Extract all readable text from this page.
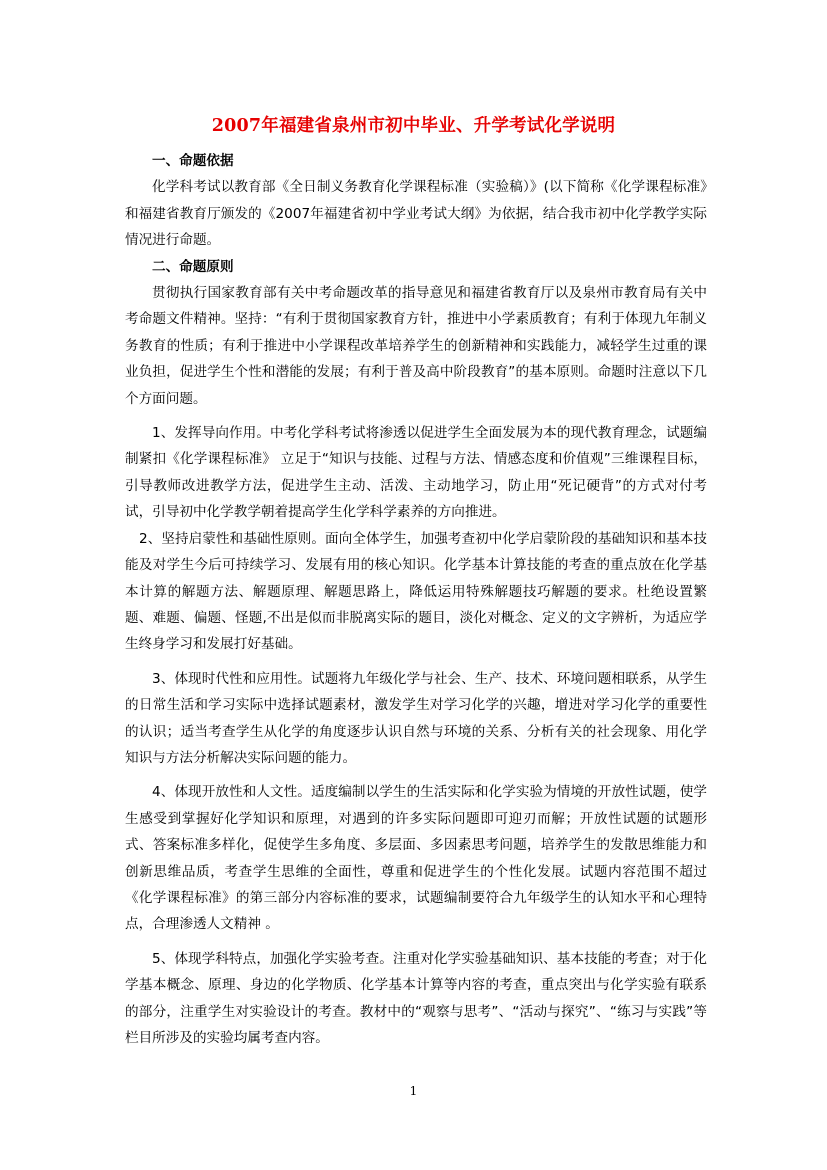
2007年福建省泉州市初中毕业、升学考试化学说明

一、命题依据

化学科考试以教育部《全日制义务教育化学课程标准（实验稿）》(以下简称《化学课程标准》和福建省教育厅颁发的《2007年福建省初中学业考试大纲》为依据，结合我市初中化学教学实际情况进行命题。

二、命题原则

贯彻执行国家教育部有关中考命题改革的指导意见和福建省教育厅以及泉州市教育局有关中考命题文件精神。坚持：“有利于贯彻国家教育方针，推进中小学素质教育；有利于体现九年制义务教育的性质；有利于推进中小学课程改革培养学生的创新精神和实践能力，减轻学生过重的课业负担，促进学生个性和潜能的发展；有利于普及高中阶段教育”的基本原则。命题时注意以下几个方面问题。

1、发挥导向作用。中考化学科考试将渗透以促进学生全面发展为本的现代教育理念，试题编制紧扣《化学课程标准》 立足于“知识与技能、过程与方法、情感态度和价值观”三维课程目标，引导教师改进教学方法，促进学生主动、活泼、主动地学习，防止用“死记硬背”的方式对付考试，引导初中化学教学朝着提高学生化学科学素养的方向推进。

2、坚持启蒙性和基础性原则。面向全体学生，加强考查初中化学启蒙阶段的基础知识和基本技能及对学生今后可持续学习、发展有用的核心知识。化学基本计算技能的考查的重点放在化学基本计算的解题方法、解题原理、解题思路上，降低运用特殊解题技巧解题的要求。杜绝设置繁题、难题、偏题、怪题,不出是似而非脱离实际的题目，淡化对概念、定义的文字辨析，为适应学生终身学习和发展打好基础。

3、体现时代性和应用性。试题将九年级化学与社会、生产、技术、环境问题相联系，从学生的日常生活和学习实际中选择试题素材，激发学生对学习化学的兴趣，增进对学习化学的重要性的认识；适当考查学生从化学的角度逐步认识自然与环境的关系、分析有关的社会现象、用化学知识与方法分析解决实际问题的能力。

4、体现开放性和人文性。适度编制以学生的生活实际和化学实验为情境的开放性试题，使学生感受到掌握好化学知识和原理，对遇到的许多实际问题即可迎刃而解；开放性试题的试题形式、答案标准多样化，促使学生多角度、多层面、多因素思考问题，培养学生的发散思维能力和创新思维品质，考查学生思维的全面性，尊重和促进学生的个性化发展。试题内容范围不超过《化学课程标准》的第三部分内容标准的要求，试题编制要符合九年级学生的认知水平和心理特点，合理渗透人文精神 。

5、体现学科特点，加强化学实验考查。注重对化学实验基础知识、基本技能的考查；对于化学基本概念、原理、身边的化学物质、化学基本计算等内容的考查，重点突出与化学实验有联系的部分，注重学生对实验设计的考查。教材中的“观察与思考”、“活动与探究”、“练习与实践”等栏目所涉及的实验均属考查内容。

1
